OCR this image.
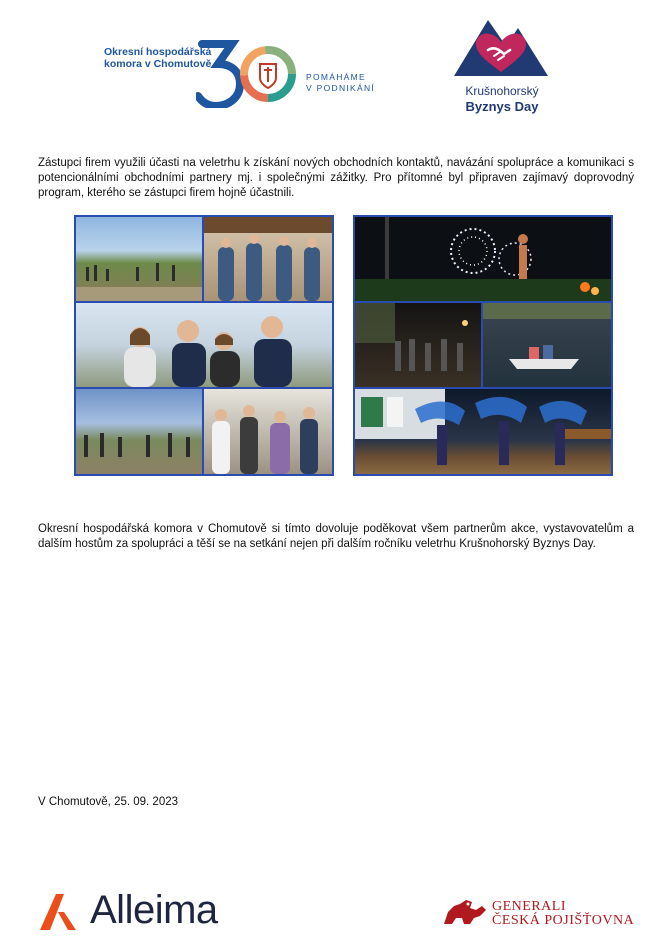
Okresní hospodářská
komora v Chomutově
POMÁHÁME
V PODNIKÁNÍ	Krušnohorský
Byznys Day
Zástupci firem využili účasti na veletrhu k získání nových obchodních kontaktů, navázání spolupráce a komunikaci s potencionálními obchodními partnery mj. i společnými zážitky. Pro přítomné byl připraven zajímavý doprovodný program, kterého se zástupci firem hojně účastnili.
Okresní hospodářská komora v Chomutově si tímto dovoluje poděkovat všem partnerům akce, vystavovatelům a dalším hostům za spolupráci a těší se na setkání nejen při dalším ročníku veletrhu Krušnohorský Byznys Day.
V Chomutově, 25. 09. 2023
Alleima	GENERALI
ČESKÁ POJIŠŤOVNA
